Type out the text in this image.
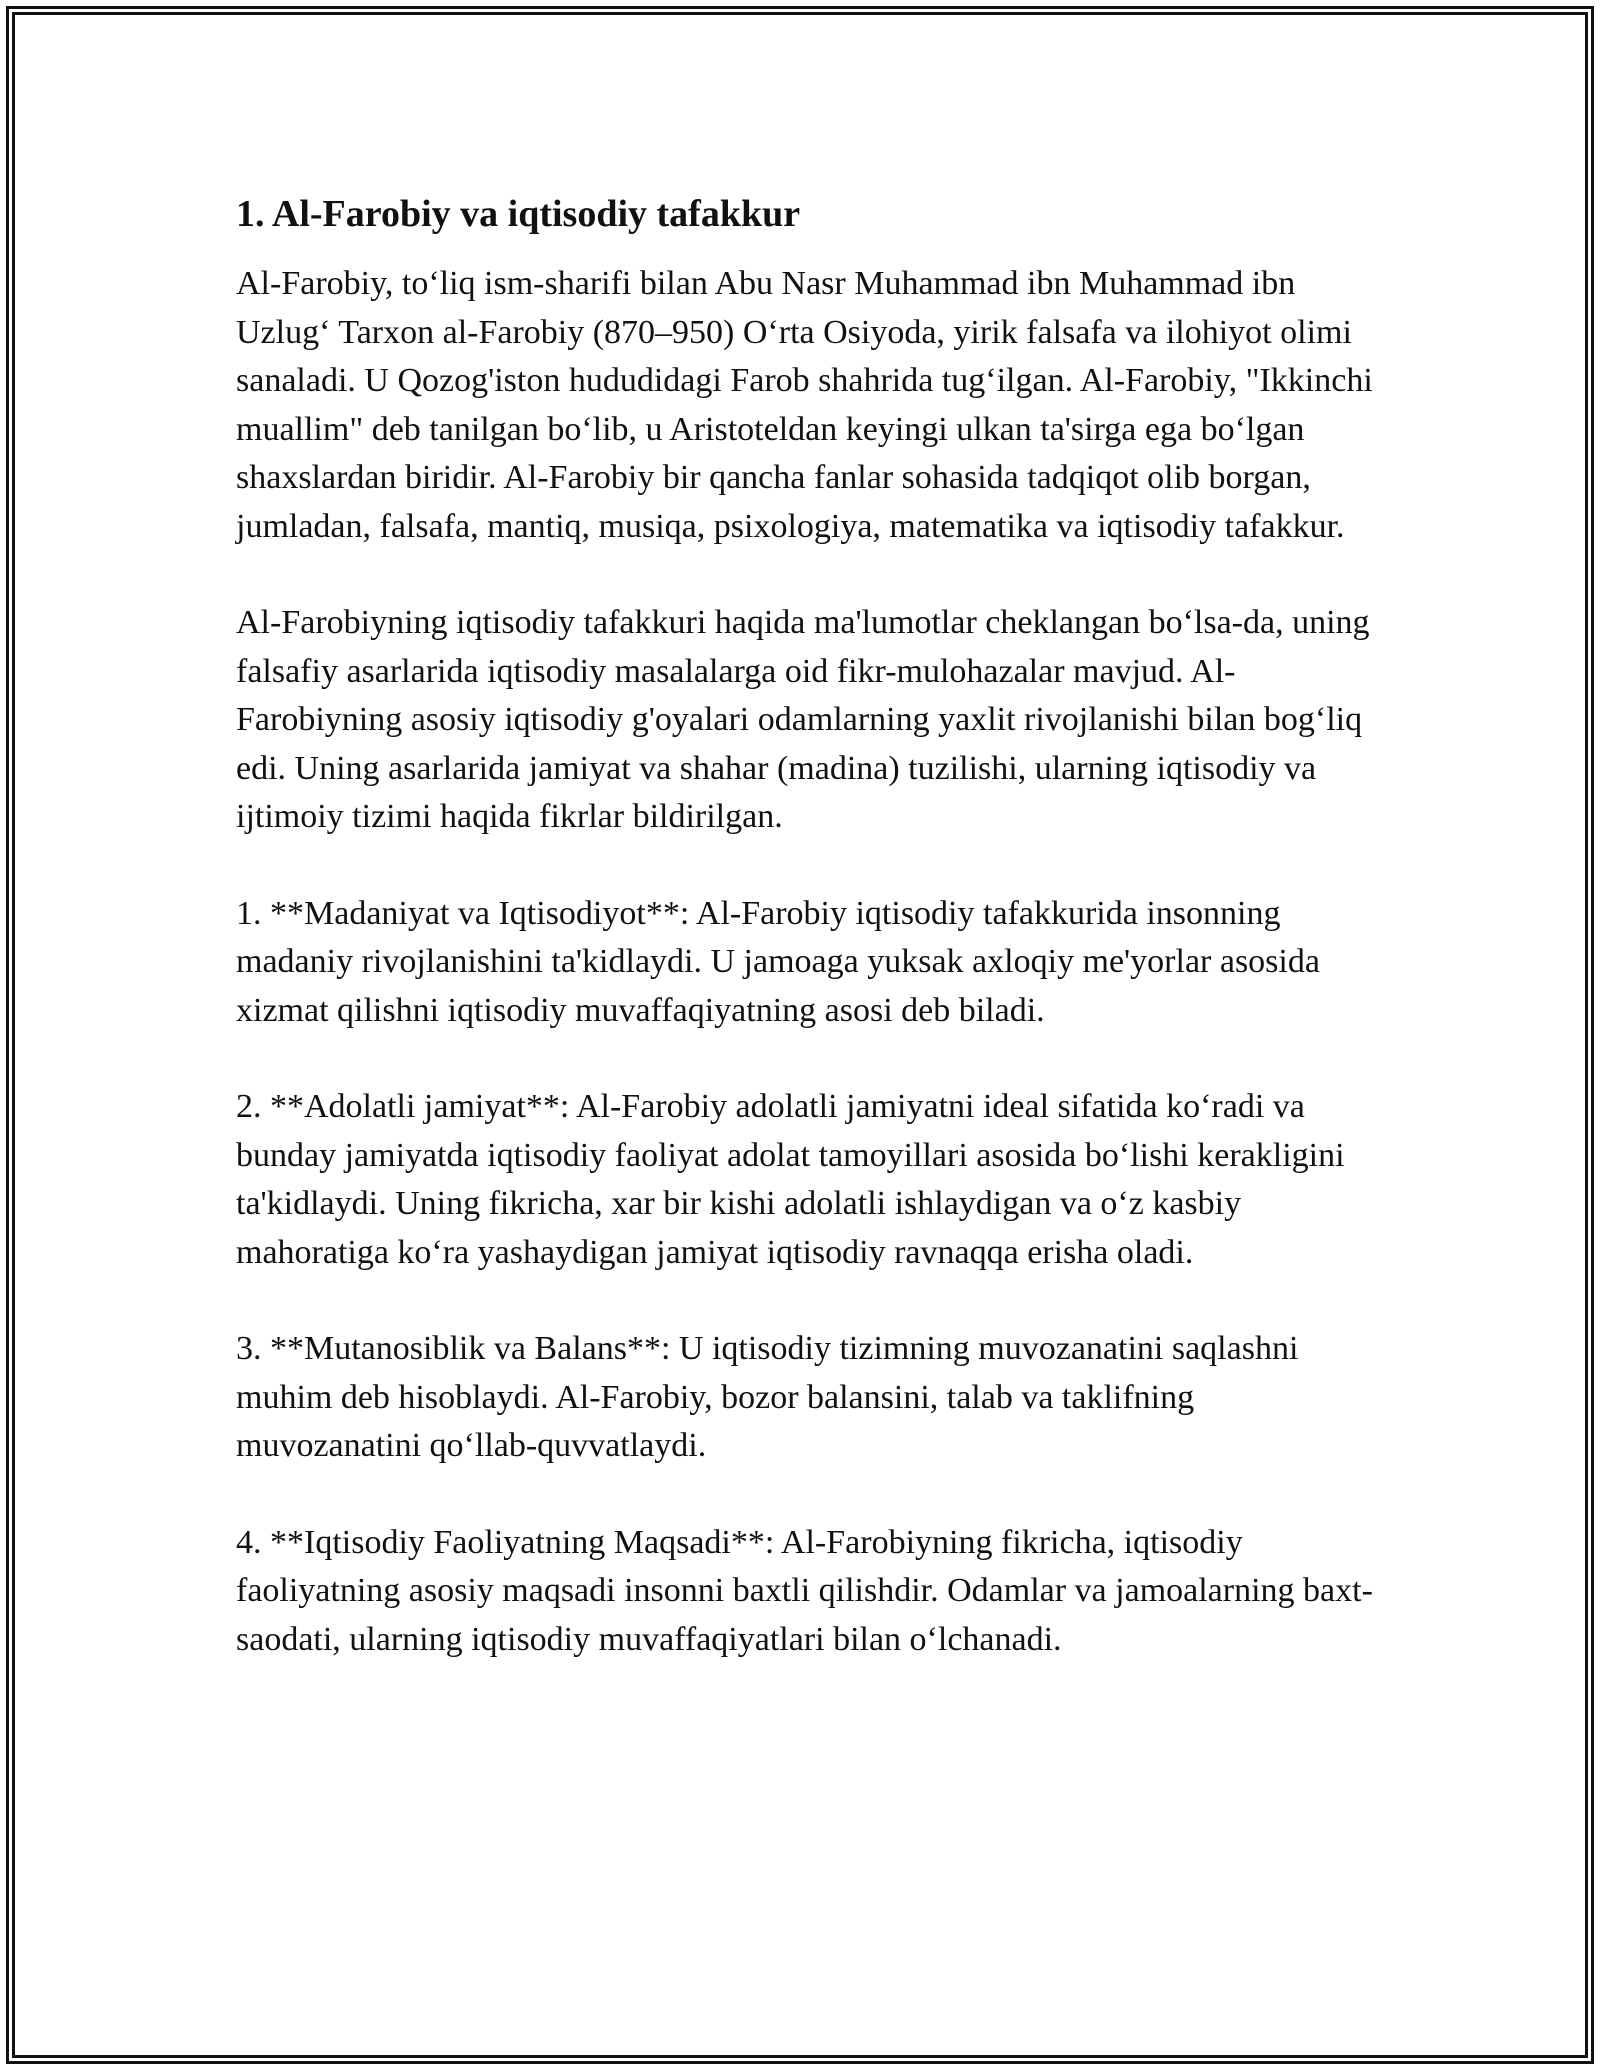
1. Al-Farobiy va iqtisodiy tafakkur

Al-Farobiy, to‘liq ism-sharifi bilan Abu Nasr Muhammad ibn Muhammad ibn Uzlug‘ Tarxon al-Farobiy (870–950) O‘rta Osiyoda, yirik falsafa va ilohiyot olimi sanaladi. U Qozog'iston hududidagi Farob shahrida tug‘ilgan. Al-Farobiy, "Ikkinchi muallim" deb tanilgan bo‘lib, u Aristoteldan keyingi ulkan ta'sirga ega bo‘lgan shaxslardan biridir. Al-Farobiy bir qancha fanlar sohasida tadqiqot olib borgan, jumladan, falsafa, mantiq, musiqa, psixologiya, matematika va iqtisodiy tafakkur.

Al-Farobiyning iqtisodiy tafakkuri haqida ma'lumotlar cheklangan bo‘lsa-da, uning falsafiy asarlarida iqtisodiy masalalarga oid fikr-mulohazalar mavjud. Al-Farobiyning asosiy iqtisodiy g'oyalari odamlarning yaxlit rivojlanishi bilan bog‘liq edi. Uning asarlarida jamiyat va shahar (madina) tuzilishi, ularning iqtisodiy va ijtimoiy tizimi haqida fikrlar bildirilgan.

1. **Madaniyat va Iqtisodiyot**: Al-Farobiy iqtisodiy tafakkurida insonning madaniy rivojlanishini ta'kidlaydi. U jamoaga yuksak axloqiy me'yorlar asosida xizmat qilishni iqtisodiy muvaffaqiyatning asosi deb biladi.

2. **Adolatli jamiyat**: Al-Farobiy adolatli jamiyatni ideal sifatida ko‘radi va bunday jamiyatda iqtisodiy faoliyat adolat tamoyillari asosida bo‘lishi kerakligini ta'kidlaydi. Uning fikricha, xar bir kishi adolatli ishlaydigan va o‘z kasbiy mahoratiga ko‘ra yashaydigan jamiyat iqtisodiy ravnaqqa erisha oladi.

3. **Mutanosiblik va Balans**: U iqtisodiy tizimning muvozanatini saqlashni muhim deb hisoblaydi. Al-Farobiy, bozor balansini, talab va taklifning muvozanatini qo‘llab-quvvatlaydi.

4. **Iqtisodiy Faoliyatning Maqsadi**: Al-Farobiyning fikricha, iqtisodiy faoliyatning asosiy maqsadi insonni baxtli qilishdir. Odamlar va jamoalarning baxt-saodati, ularning iqtisodiy muvaffaqiyatlari bilan o‘lchanadi.
